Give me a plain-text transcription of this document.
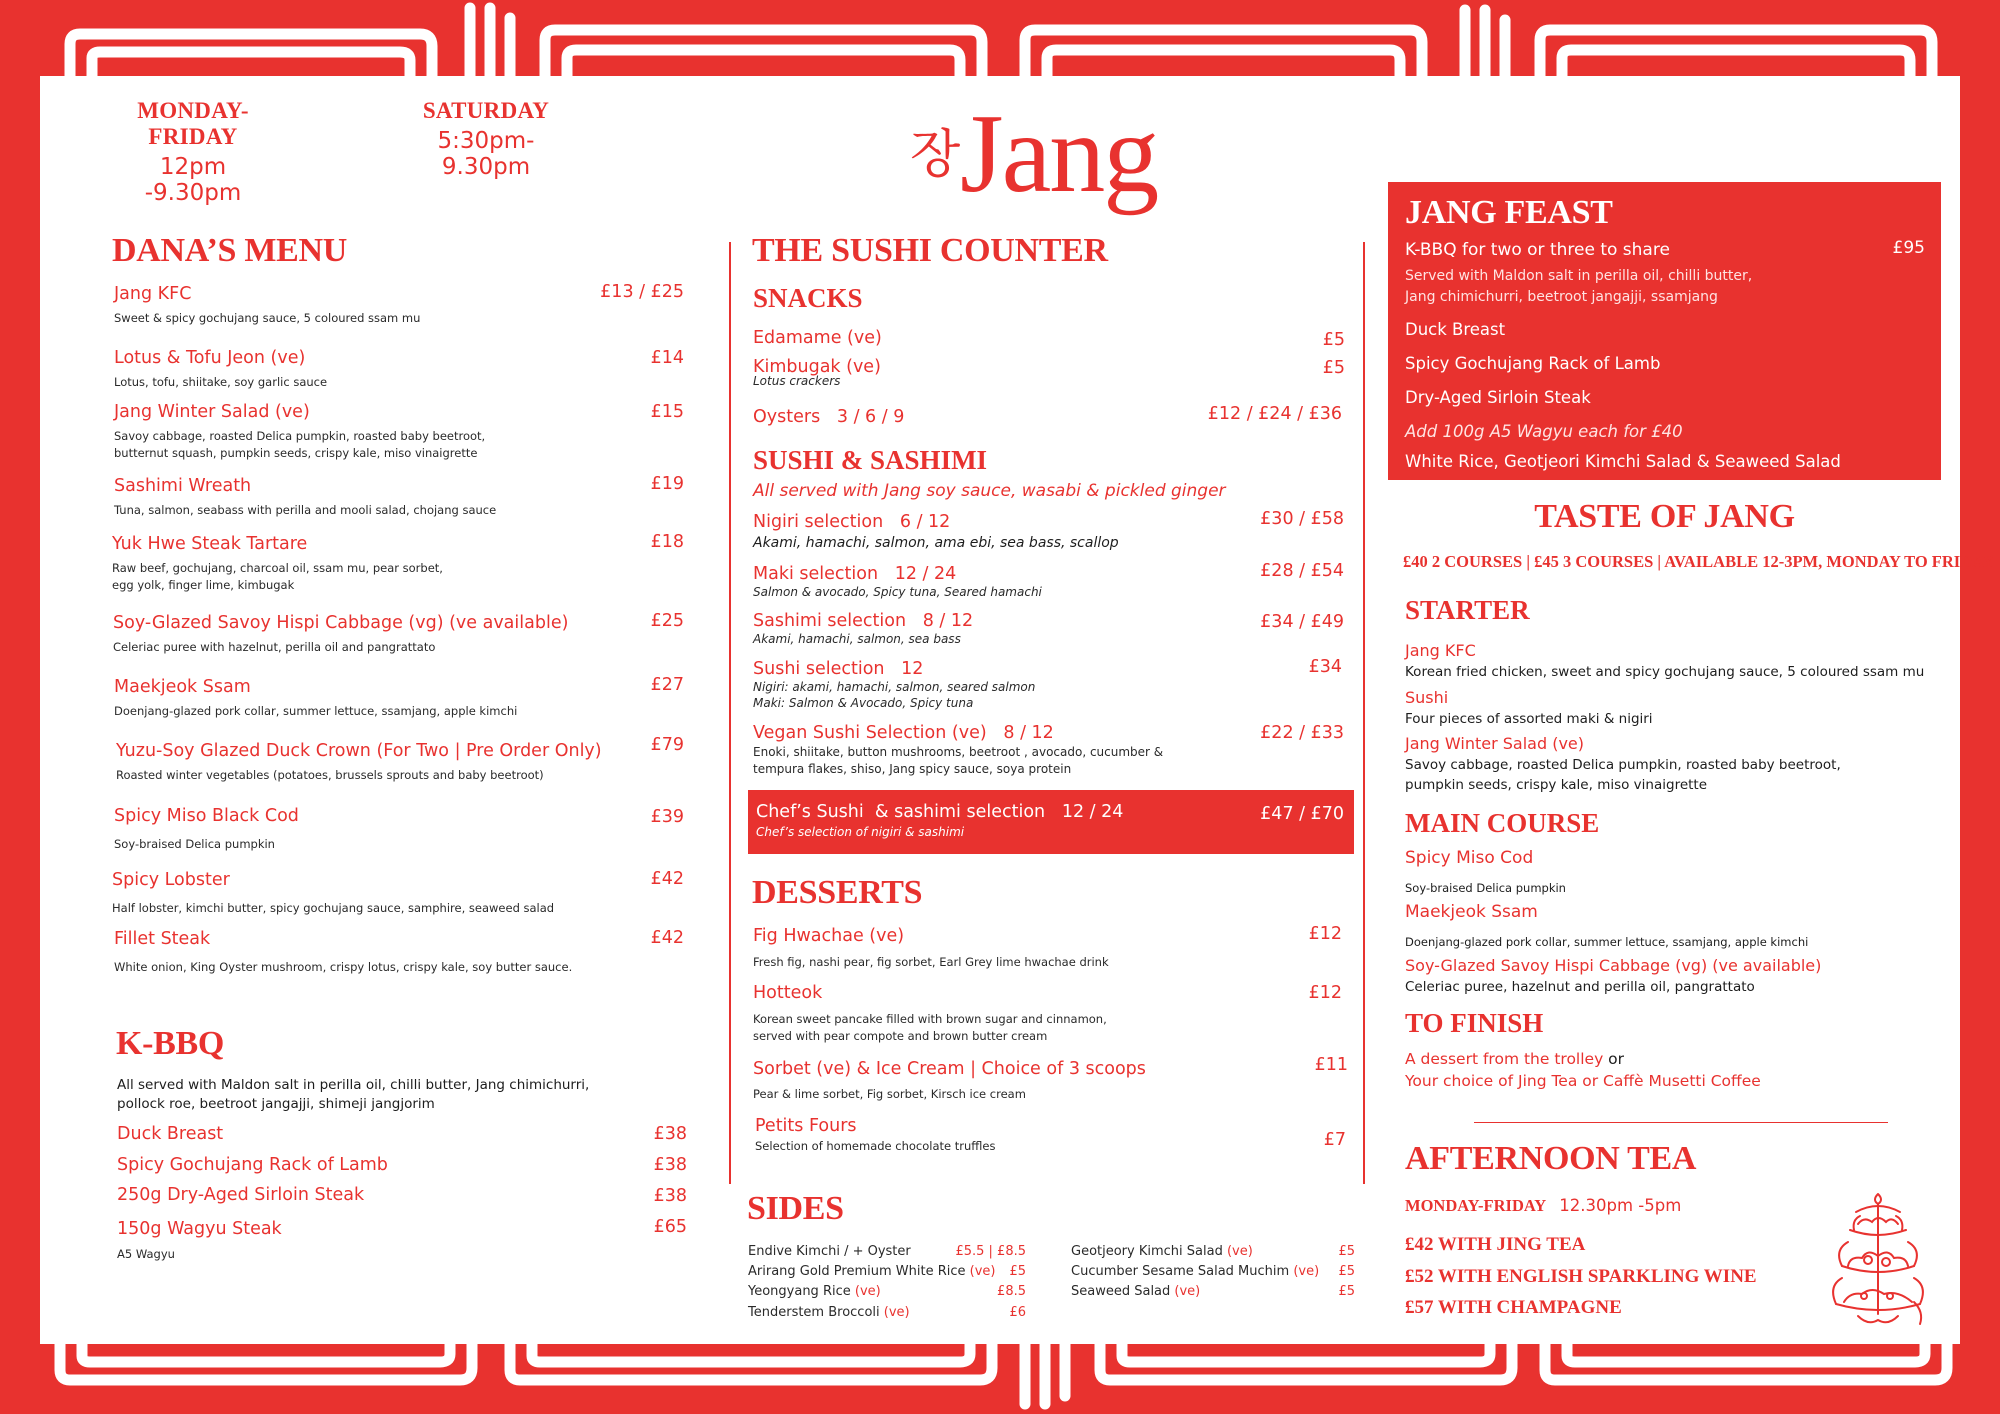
MONDAY-FRIDAY
12pm -9.30pm
SATURDAY
5:30pm-9.30pm	장 Jang
DANA’S MENU
Jang KFC
Sweet & spicy gochujang sauce, 5 coloured ssam mu
£13 / £25
Lotus & Tofu Jeon (ve)
Lotus, tofu, shiitake, soy garlic sauce
£14
Jang Winter Salad (ve)
Savoy cabbage, roasted Delica pumpkin, roasted baby beetroot,
butternut squash, pumpkin seeds, crispy kale, miso vinaigrette
£15
Sashimi Wreath
Tuna, salmon, seabass with perilla and mooli salad, chojang sauce
£19
Yuk Hwe Steak Tartare
Raw beef, gochujang, charcoal oil, ssam mu, pear sorbet,
egg yolk, finger lime, kimbugak
£18
Soy-Glazed Savoy Hispi Cabbage (vg) (ve available)
Celeriac puree with hazelnut, perilla oil and pangrattato
£25
Maekjeok Ssam
Doenjang-glazed pork collar, summer lettuce, ssamjang, apple kimchi
£27
Yuzu-Soy Glazed Duck Crown (For Two | Pre Order Only)
Roasted winter vegetables (potatoes, brussels sprouts and baby beetroot)
£79
Spicy Miso Black Cod
Soy-braised Delica pumpkin
£39
Spicy Lobster
Half lobster, kimchi butter, spicy gochujang sauce, samphire, seaweed salad
£42
Fillet Steak
White onion, King Oyster mushroom, crispy lotus, crispy kale, soy butter sauce.
£42
K-BBQ
All served with Maldon salt in perilla oil, chilli butter, Jang chimichurri,
pollock roe, beetroot jangajji, shimeji jangjorim
Duck Breast	£38
Spicy Gochujang Rack of Lamb	£38
250g Dry-Aged Sirloin Steak	£38
150g Wagyu Steak	£65
A5 Wagyu
THE SUSHI COUNTER
SNACKS
Edamame (ve)	£5
Kimbugak (ve)	£5
Lotus crackers
Oysters   3 / 6 / 9	£12 / £24 / £36
SUSHI & SASHIMI
All served with Jang soy sauce, wasabi & pickled ginger
Nigiri selection   6 / 12	£30 / £58
Akami, hamachi, salmon, ama ebi, sea bass, scallop
Maki selection   12 / 24	£28 / £54
Salmon & avocado, Spicy tuna, Seared hamachi
Sashimi selection   8 / 12	£34 / £49
Akami, hamachi, salmon, sea bass
Sushi selection   12	£34
Nigiri: akami, hamachi, salmon, seared salmon
Maki: Salmon & Avocado, Spicy tuna
Vegan Sushi Selection (ve)   8 / 12	£22 / £33
Enoki, shiitake, button mushrooms, beetroot , avocado, cucumber &
tempura flakes, shiso, Jang spicy sauce, soya protein
Chef’s Sushi  & sashimi selection   12 / 24	£47 / £70
Chef’s selection of nigiri & sashimi
DESSERTS
Fig Hwachae (ve)
Fresh fig, nashi pear, fig sorbet, Earl Grey lime hwachae drink
£12
Hotteok
Korean sweet pancake filled with brown sugar and cinnamon,
served with pear compote and brown butter cream
£12
Sorbet (ve) & Ice Cream | Choice of 3 scoops
Pear & lime sorbet, Fig sorbet, Kirsch ice cream
£11
Petits Fours
Selection of homemade chocolate truffles	£7
SIDES
Endive Kimchi / + Oyster	£5.5 | £8.5
Arirang Gold Premium White Rice (ve) £5
Yeongyang Rice (ve)	£8.5
Tenderstem Broccoli (ve)	£6
Geotjeory Kimchi Salad (ve)	£5
Cucumber Sesame Salad Muchim (ve) £5
Seaweed Salad (ve)	£5
JANG FEAST
K-BBQ for two or three to share	£95
Served with Maldon salt in perilla oil, chilli butter,
Jang chimichurri, beetroot jangajji, ssamjang
Duck Breast
Spicy Gochujang Rack of Lamb
Dry-Aged Sirloin Steak
Add 100g A5 Wagyu each for £40
White Rice, Geotjeori Kimchi Salad & Seaweed Salad
TASTE OF JANG
£40 2 COURSES | £45 3 COURSES | AVAILABLE 12-3PM, MONDAY TO FRIDAY
STARTER
Jang KFC
Korean fried chicken, sweet and spicy gochujang sauce, 5 coloured ssam mu
Sushi
Four pieces of assorted maki & nigiri
Jang Winter Salad (ve)
Savoy cabbage, roasted Delica pumpkin, roasted baby beetroot,
pumpkin seeds, crispy kale, miso vinaigrette
MAIN COURSE
Spicy Miso Cod
Soy-braised Delica pumpkin
Maekjeok Ssam
Doenjang-glazed pork collar, summer lettuce, ssamjang, apple kimchi
Soy-Glazed Savoy Hispi Cabbage (vg) (ve available)
Celeriac puree, hazelnut and perilla oil, pangrattato
TO FINISH
A dessert from the trolley or
Your choice of Jing Tea or Caffè Musetti Coffee
AFTERNOON TEA
MONDAY-FRIDAY 12.30pm -5pm
£42 WITH JING TEA
£52 WITH ENGLISH SPARKLING WINE
£57 WITH CHAMPAGNE
